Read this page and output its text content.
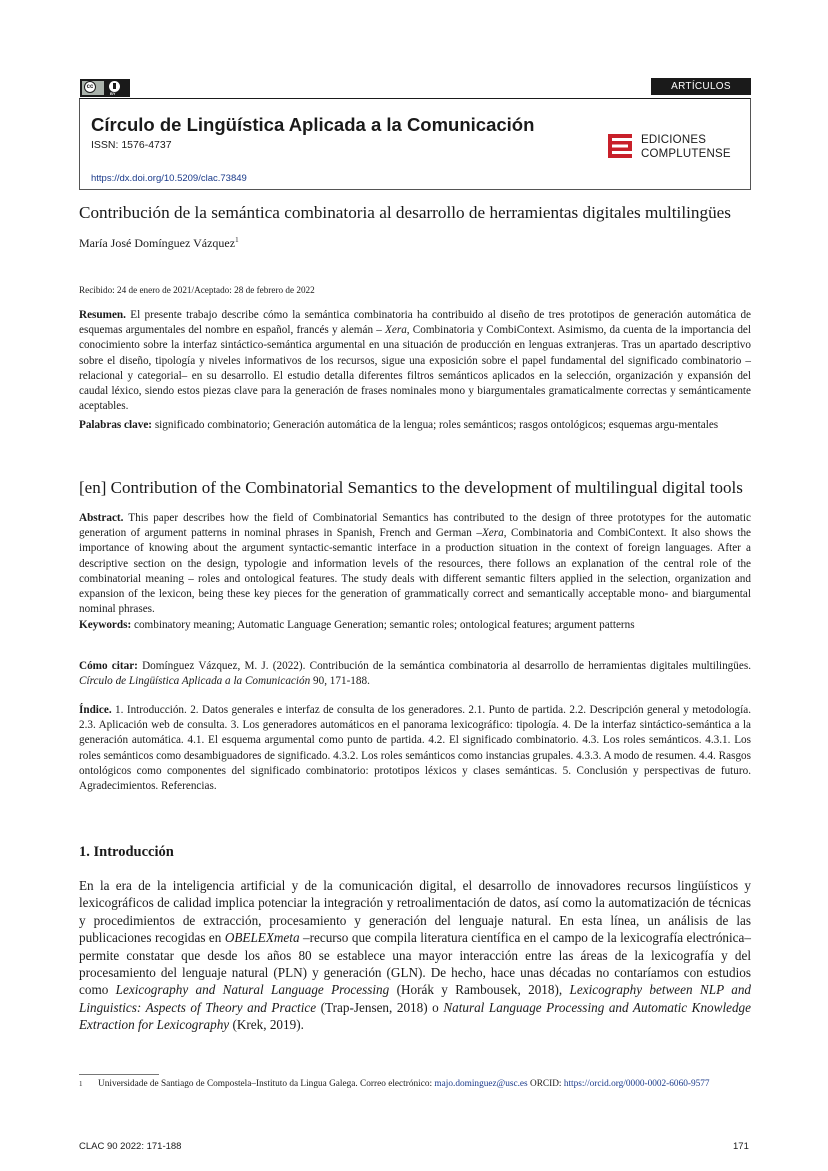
cc
BY
ARTÍCULOS
Círculo de Lingüística Aplicada a la Comunicación
ISSN: 1576-4737
https://dx.doi.org/10.5209/clac.73849
EDICIONES
COMPLUTENSE
Contribución de la semántica combinatoria al desarrollo de herramientas digitales multilingües
María José Domínguez Vázquez$^1$
Recibido: 24 de enero de 2021/Aceptado: 28 de febrero de 2022
Resumen. El presente trabajo describe cómo la semántica combinatoria ha contribuido al diseño de tres prototipos de generación automática de esquemas argumentales del nombre en español, francés y alemán – Xera, Combinatoria y CombiContext. Asimismo, da cuenta de la importancia del conocimiento sobre la interfaz sintáctico-semántica argumental en una situación de producción en lenguas extranjeras. Tras un apartado descriptivo sobre el diseño, tipología y niveles informativos de los recursos, sigue una exposición sobre el papel fundamental del significado combinatorio –relacional y categorial– en su desarrollo. El estudio detalla diferentes filtros semánticos aplicados en la selección, organización y expansión del caudal léxico, siendo estos piezas clave para la generación de frases nominales mono y biargumentales gramaticalmente correctas y semánticamente aceptables.
Palabras clave: significado combinatorio; Generación automática de la lengua; roles semánticos; rasgos ontológicos; esquemas argu-mentales
[en] Contribution of the Combinatorial Semantics to the development of multilingual digital tools
Abstract. This paper describes how the field of Combinatorial Semantics has contributed to the design of three prototypes for the automatic generation of argument patterns in nominal phrases in Spanish, French and German –Xera, Combinatoria and CombiContext. It also shows the importance of knowing about the argument syntactic-semantic interface in a production situation in the context of foreign languages. After a descriptive section on the design, typologie and information levels of the resources, there follows an explanation of the central role of the combinatorial meaning – roles and ontological features. The study deals with different semantic filters applied in the selection, organization and expansion of the lexicon, being these key pieces for the generation of grammatically correct and semantically acceptable mono- and biargumental nominal phrases.
Keywords: combinatory meaning; Automatic Language Generation; semantic roles; ontological features; argument patterns
Cómo citar: Domínguez Vázquez, M. J. (2022). Contribución de la semántica combinatoria al desarrollo de herramientas digitales multilingües. Círculo de Lingüística Aplicada a la Comunicación 90, 171-188.
Índice. 1. Introducción. 2. Datos generales e interfaz de consulta de los generadores. 2.1. Punto de partida. 2.2. Descripción general y metodología. 2.3. Aplicación web de consulta. 3. Los generadores automáticos en el panorama lexicográfico: tipología. 4. De la interfaz sintáctico-semántica a la generación automática. 4.1. El esquema argumental como punto de partida. 4.2. El significado combinatorio. 4.3. Los roles semánticos. 4.3.1. Los roles semánticos como desambiguadores de significado. 4.3.2. Los roles semánticos como instancias grupales. 4.3.3. A modo de resumen. 4.4. Rasgos ontológicos como componentes del significado combinatorio: prototipos léxicos y clases semánticas. 5. Conclusión y perspectivas de futuro. Agradecimientos. Referencias.
1. Introducción
En la era de la inteligencia artificial y de la comunicación digital, el desarrollo de innovadores recursos lingüísticos y lexicográficos de calidad implica potenciar la integración y retroalimentación de datos, así como la automatización de técnicas y procedimientos de extracción, procesamiento y generación del lenguaje natural. En esta línea, un análisis de las publicaciones recogidas en OBELEXmeta –recurso que compila literatura científica en el campo de la lexicografía electrónica– permite constatar que desde los años 80 se establece una mayor interacción entre las áreas de la lexicografía y del procesamiento del lenguaje natural (PLN) y generación (GLN). De hecho, hace unas décadas no contaríamos con estudios como Lexicography and Natural Language Processing (Horák y Rambousek, 2018), Lexicography between NLP and Linguistics: Aspects of Theory and Practice (Trap-Jensen, 2018) o Natural Language Processing and Automatic Knowledge Extraction for Lexicography (Krek, 2019).
1 Universidade de Santiago de Compostela–Instituto da Lingua Galega. Correo electrónico: majo.dominguez@usc.es ORCID: https://orcid.org/0000-0002-6060-9577
CLAC 90 2022: 171-188	171
